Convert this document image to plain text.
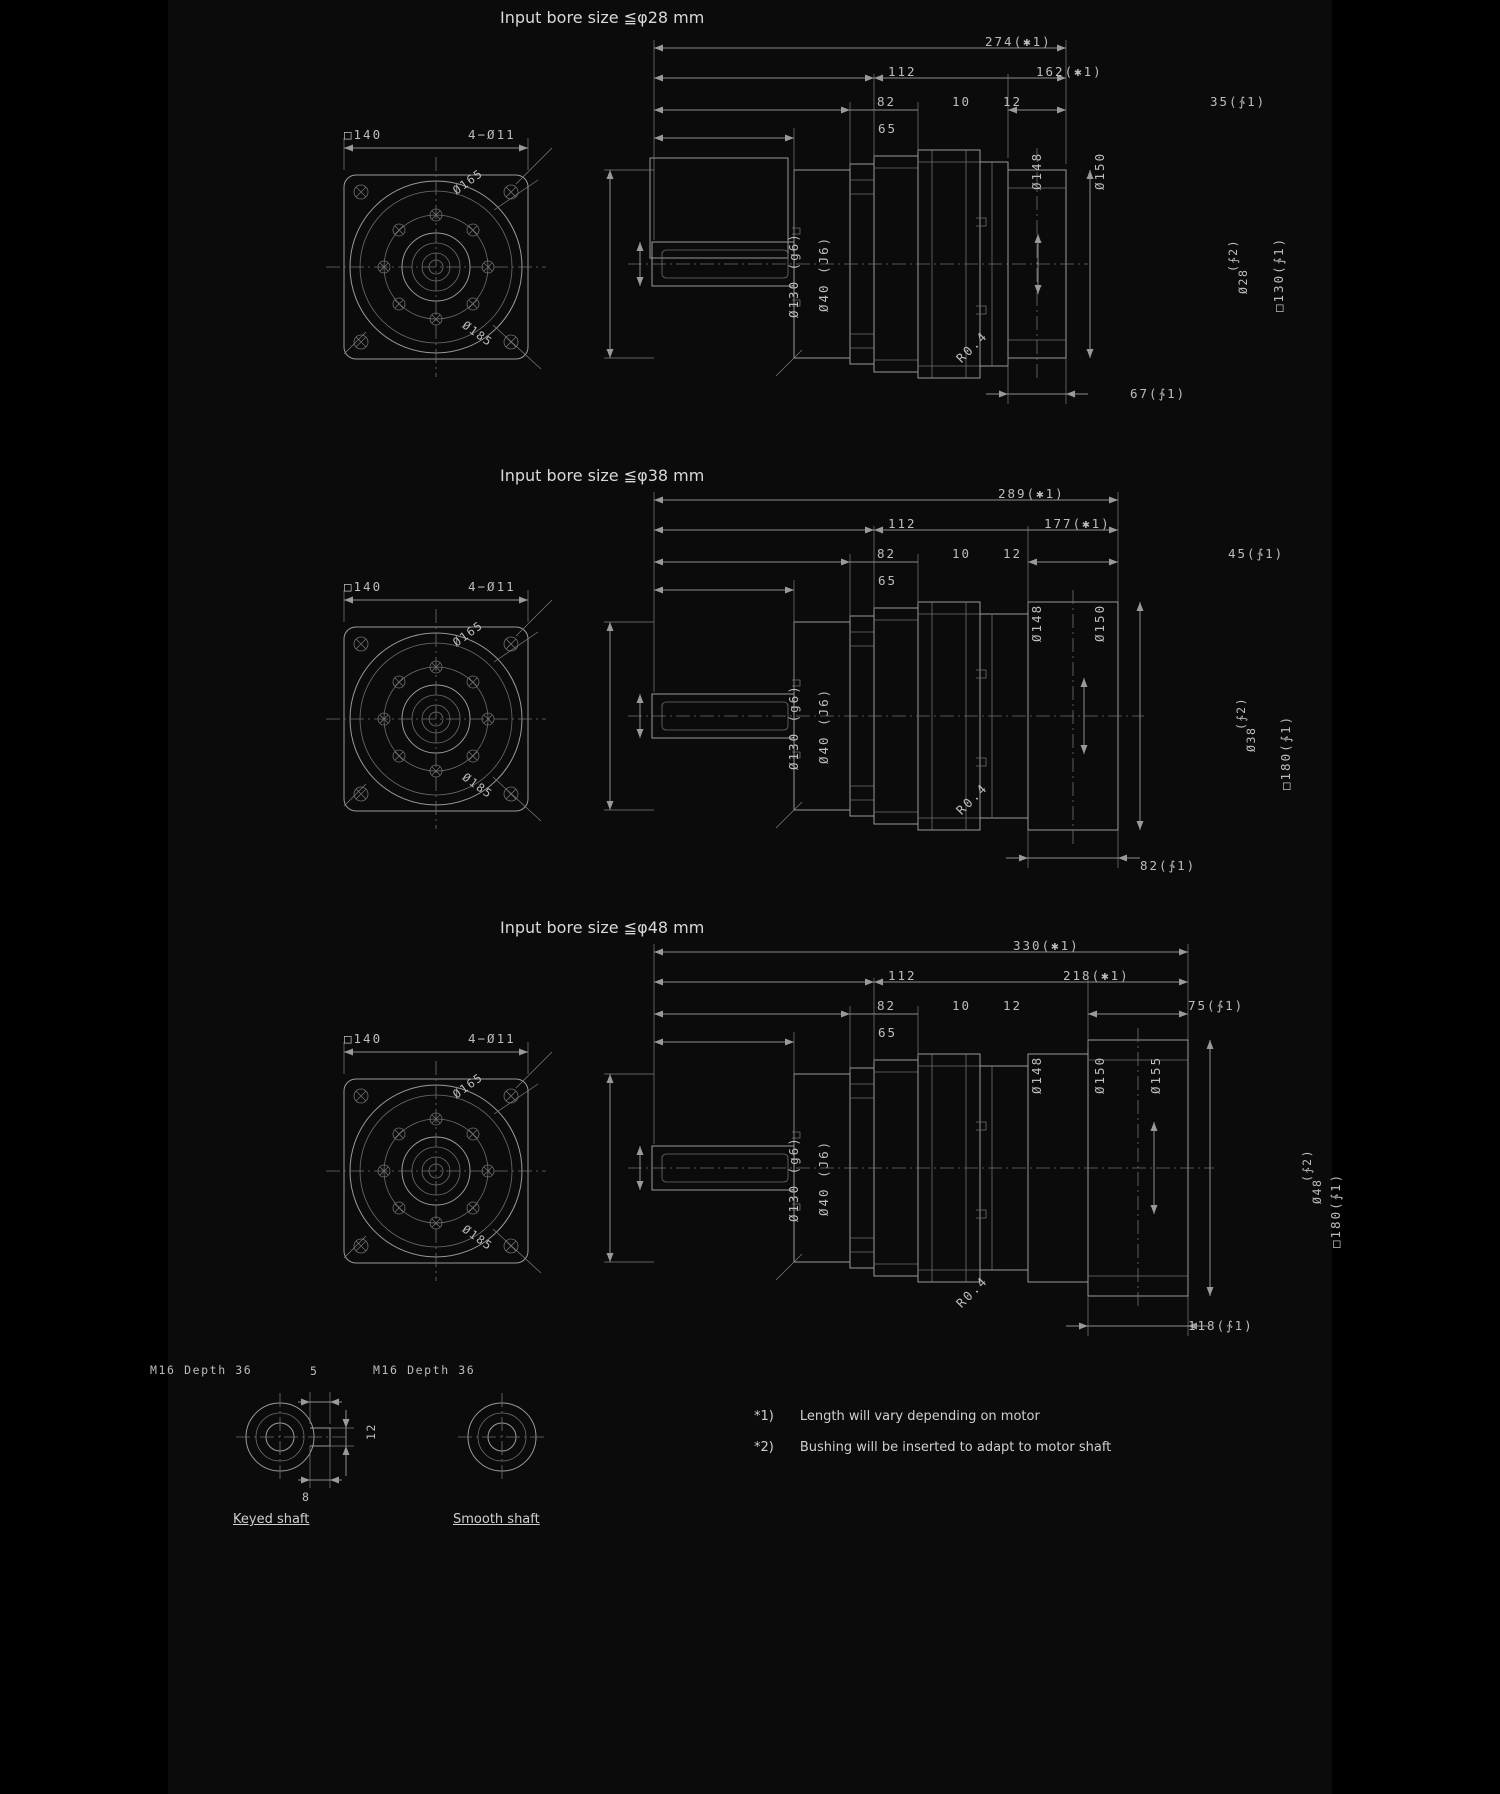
Input bore size ≦φ28 mm
□140	4−Ø11
Ø165
Ø185
274(✱1)
112	162(✱1)
82	10	12
65
35(∱1)
Ø130 (g6) Ø40 (J6)
Ø148	Ø150
R0.4
□130(∱1)
Ø28
(∱2)
67(∱1)
Input bore size ≦φ38 mm
□140	4−Ø11
Ø165
Ø185
289(✱1)
112	177(✱1)
82	10	12
65
45(∱1)
Ø130 (g6) Ø40 (J6)
Ø148	Ø150
R0.4
□180(∱1)
Ø38
(∱2)
82(∱1)
Input bore size ≦φ48 mm
□140	4−Ø11
Ø165
Ø185
330(✱1)
112	218(✱1)
82	10	12
65
75(∱1)
Ø130 (g6) Ø40 (J6)
Ø148	Ø150	Ø155
R0.4
□180(∱1)
Ø48
(∱2)
118(∱1)
M16 Depth 36	5
12
8
Keyed shaft
M16 Depth 36
Smooth shaft
*1) Length will vary depending on motor
*2) Bushing will be inserted to adapt to motor shaft
